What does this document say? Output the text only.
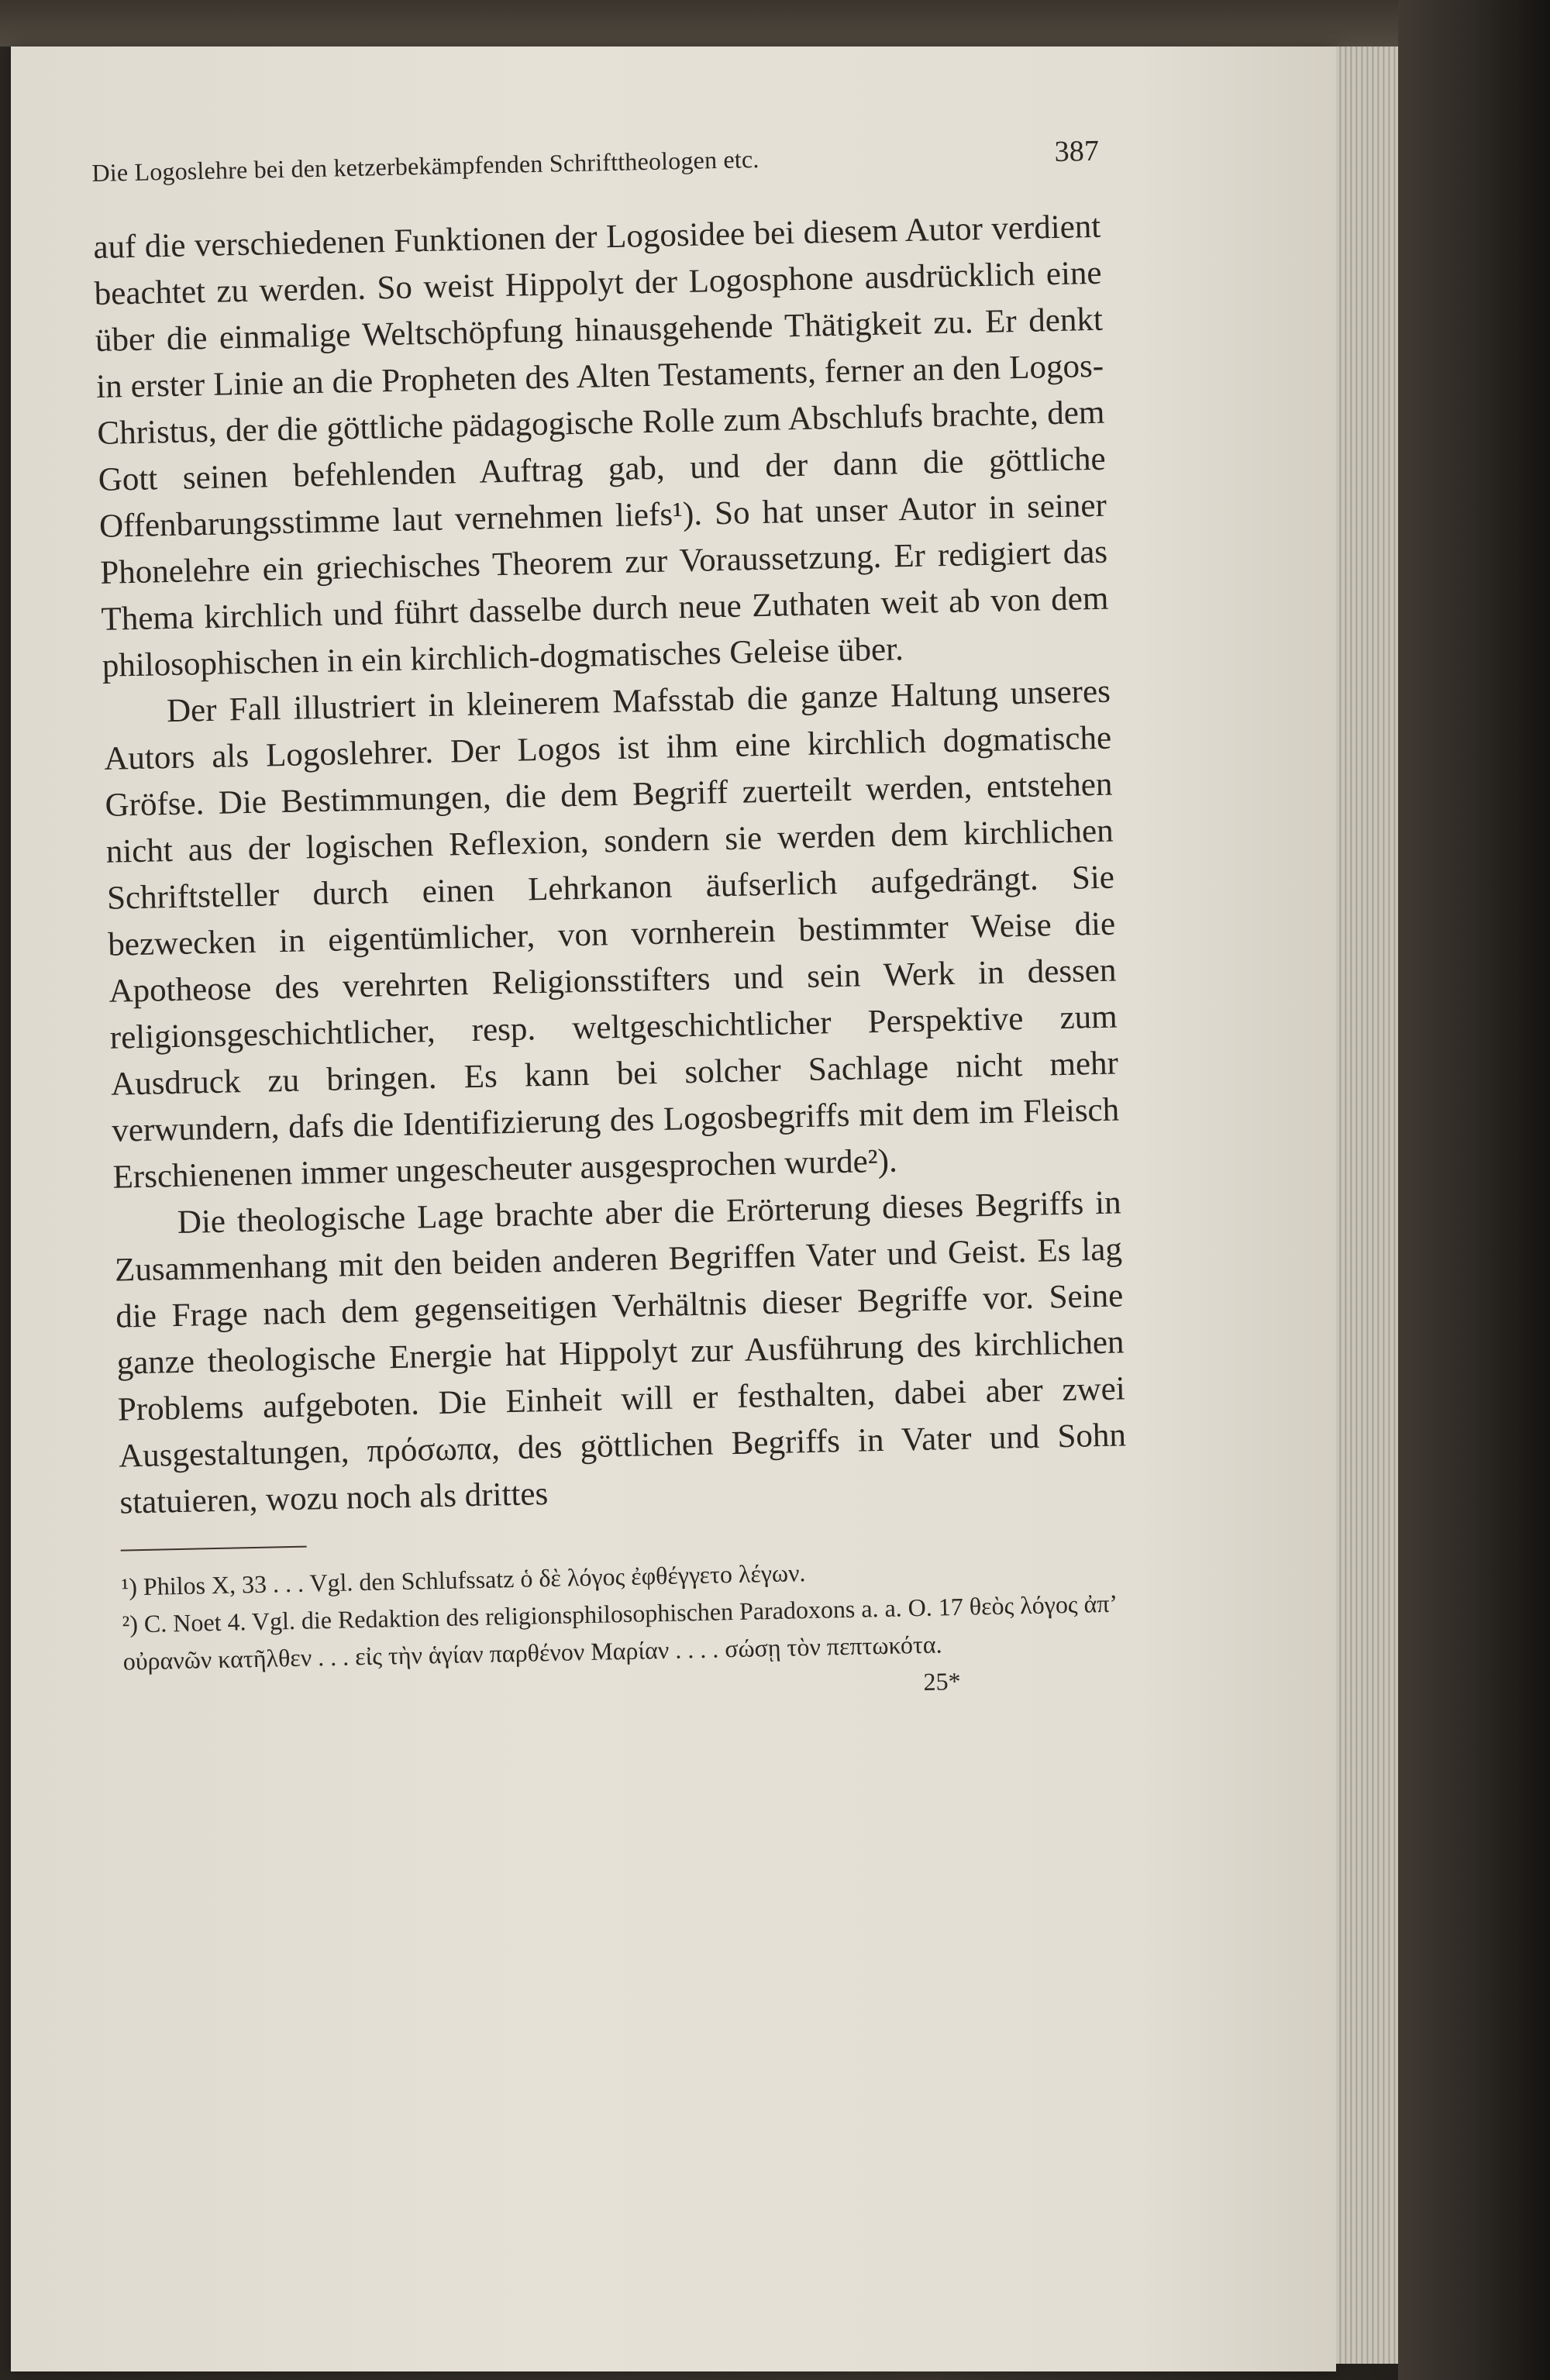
Die Logoslehre bei den ketzerbekämpfenden Schrifttheologen etc.	387

auf die verschiedenen Funktionen der Logosidee bei diesem Autor verdient beachtet zu werden. So weist Hippolyt der Logosphone ausdrücklich eine über die einmalige Weltschöpfung hinausgehende Thätigkeit zu. Er denkt in erster Linie an die Propheten des Alten Testaments, ferner an den Logos-Christus, der die göttliche pädagogische Rolle zum Abschlufs brachte, dem Gott seinen befehlenden Auftrag gab, und der dann die göttliche Offenbarungsstimme laut vernehmen liefs¹). So hat unser Autor in seiner Phonelehre ein griechisches Theorem zur Voraussetzung. Er redigiert das Thema kirchlich und führt dasselbe durch neue Zuthaten weit ab von dem philosophischen in ein kirchlich-dogmatisches Geleise über.

Der Fall illustriert in kleinerem Mafsstab die ganze Haltung unseres Autors als Logoslehrer. Der Logos ist ihm eine kirchlich dogmatische Gröfse. Die Bestimmungen, die dem Begriff zuerteilt werden, entstehen nicht aus der logischen Reflexion, sondern sie werden dem kirchlichen Schriftsteller durch einen Lehrkanon äufserlich aufgedrängt. Sie bezwecken in eigentümlicher, von vornherein bestimmter Weise die Apotheose des verehrten Religionsstifters und sein Werk in dessen religionsgeschichtlicher, resp. weltgeschichtlicher Perspektive zum Ausdruck zu bringen. Es kann bei solcher Sachlage nicht mehr verwundern, dafs die Identifizierung des Logosbegriffs mit dem im Fleisch Erschienenen immer ungescheuter ausgesprochen wurde²).

Die theologische Lage brachte aber die Erörterung dieses Begriffs in Zusammenhang mit den beiden anderen Begriffen Vater und Geist. Es lag die Frage nach dem gegenseitigen Verhältnis dieser Begriffe vor. Seine ganze theologische Energie hat Hippolyt zur Ausführung des kirchlichen Problems aufgeboten. Die Einheit will er festhalten, dabei aber zwei Ausgestaltungen, πρόσωπα, des göttlichen Begriffs in Vater und Sohn statuieren, wozu noch als drittes

¹) Philos X, 33 . . . Vgl. den Schlufssatz ὁ δὲ λόγος ἐφθέγγετο λέγων.

²) C. Noet 4. Vgl. die Redaktion des religionsphilosophischen Paradoxons a. a. O. 17 θεὸς λόγος ἀπ’ οὐρανῶν κατῆλθεν . . . εἰς τὴν ἁγίαν παρθένον Μαρίαν . . . . σώσῃ τὸν πεπτωκότα.

25*
